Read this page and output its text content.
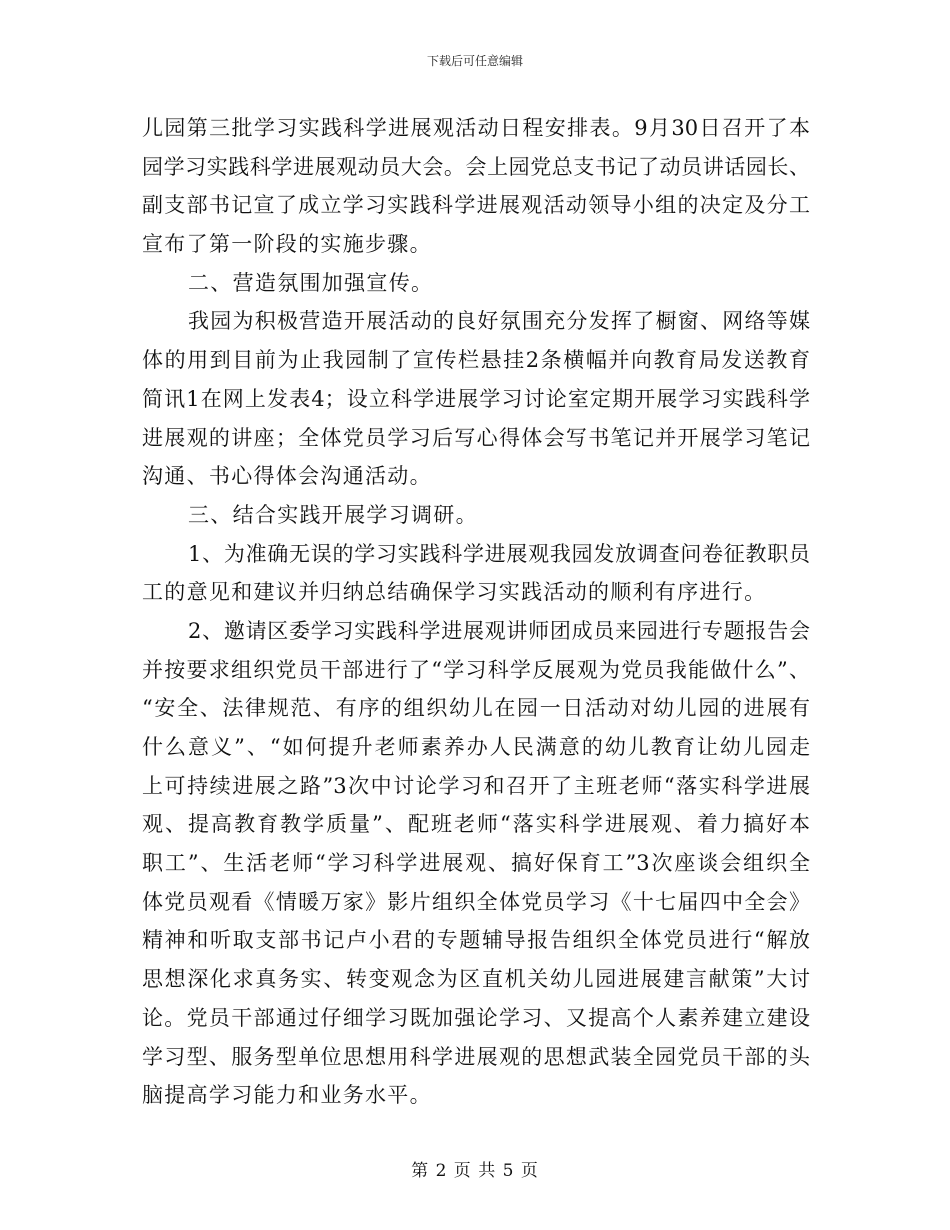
下载后可任意编辑
儿园第三批学习实践科学进展观活动日程安排表。9月30日召开了本
园学习实践科学进展观动员大会。会上园党总支书记了动员讲话园长、
副支部书记宣了成立学习实践科学进展观活动领导小组的决定及分工
宣布了第一阶段的实施步骤。
二、营造氛围加强宣传。
我园为积极营造开展活动的良好氛围充分发挥了橱窗、网络等媒
体的用到目前为止我园制了宣传栏悬挂2条横幅并向教育局发送教育
简讯1在网上发表4；设立科学进展学习讨论室定期开展学习实践科学
进展观的讲座；全体党员学习后写心得体会写书笔记并开展学习笔记
沟通、书心得体会沟通活动。
三、结合实践开展学习调研。
1、为准确无误的学习实践科学进展观我园发放调查问卷征教职员
工的意见和建议并归纳总结确保学习实践活动的顺利有序进行。
2、邀请区委学习实践科学进展观讲师团成员来园进行专题报告会
并按要求组织党员干部进行了“学习科学反展观为党员我能做什么”、
“安全、法律规范、有序的组织幼儿在园一日活动对幼儿园的进展有
什么意义”、“如何提升老师素养办人民满意的幼儿教育让幼儿园走
上可持续进展之路”3次中讨论学习和召开了主班老师“落实科学进展
观、提高教育教学质量”、配班老师“落实科学进展观、着力搞好本
职工”、生活老师“学习科学进展观、搞好保育工”3次座谈会组织全
体党员观看《情暖万家》影片组织全体党员学习《十七届四中全会》
精神和听取支部书记卢小君的专题辅导报告组织全体党员进行“解放
思想深化求真务实、转变观念为区直机关幼儿园进展建言献策”大讨
论。党员干部通过仔细学习既加强论学习、又提高个人素养建立建设
学习型、服务型单位思想用科学进展观的思想武装全园党员干部的头
脑提高学习能力和业务水平。
第 2 页 共 5 页
